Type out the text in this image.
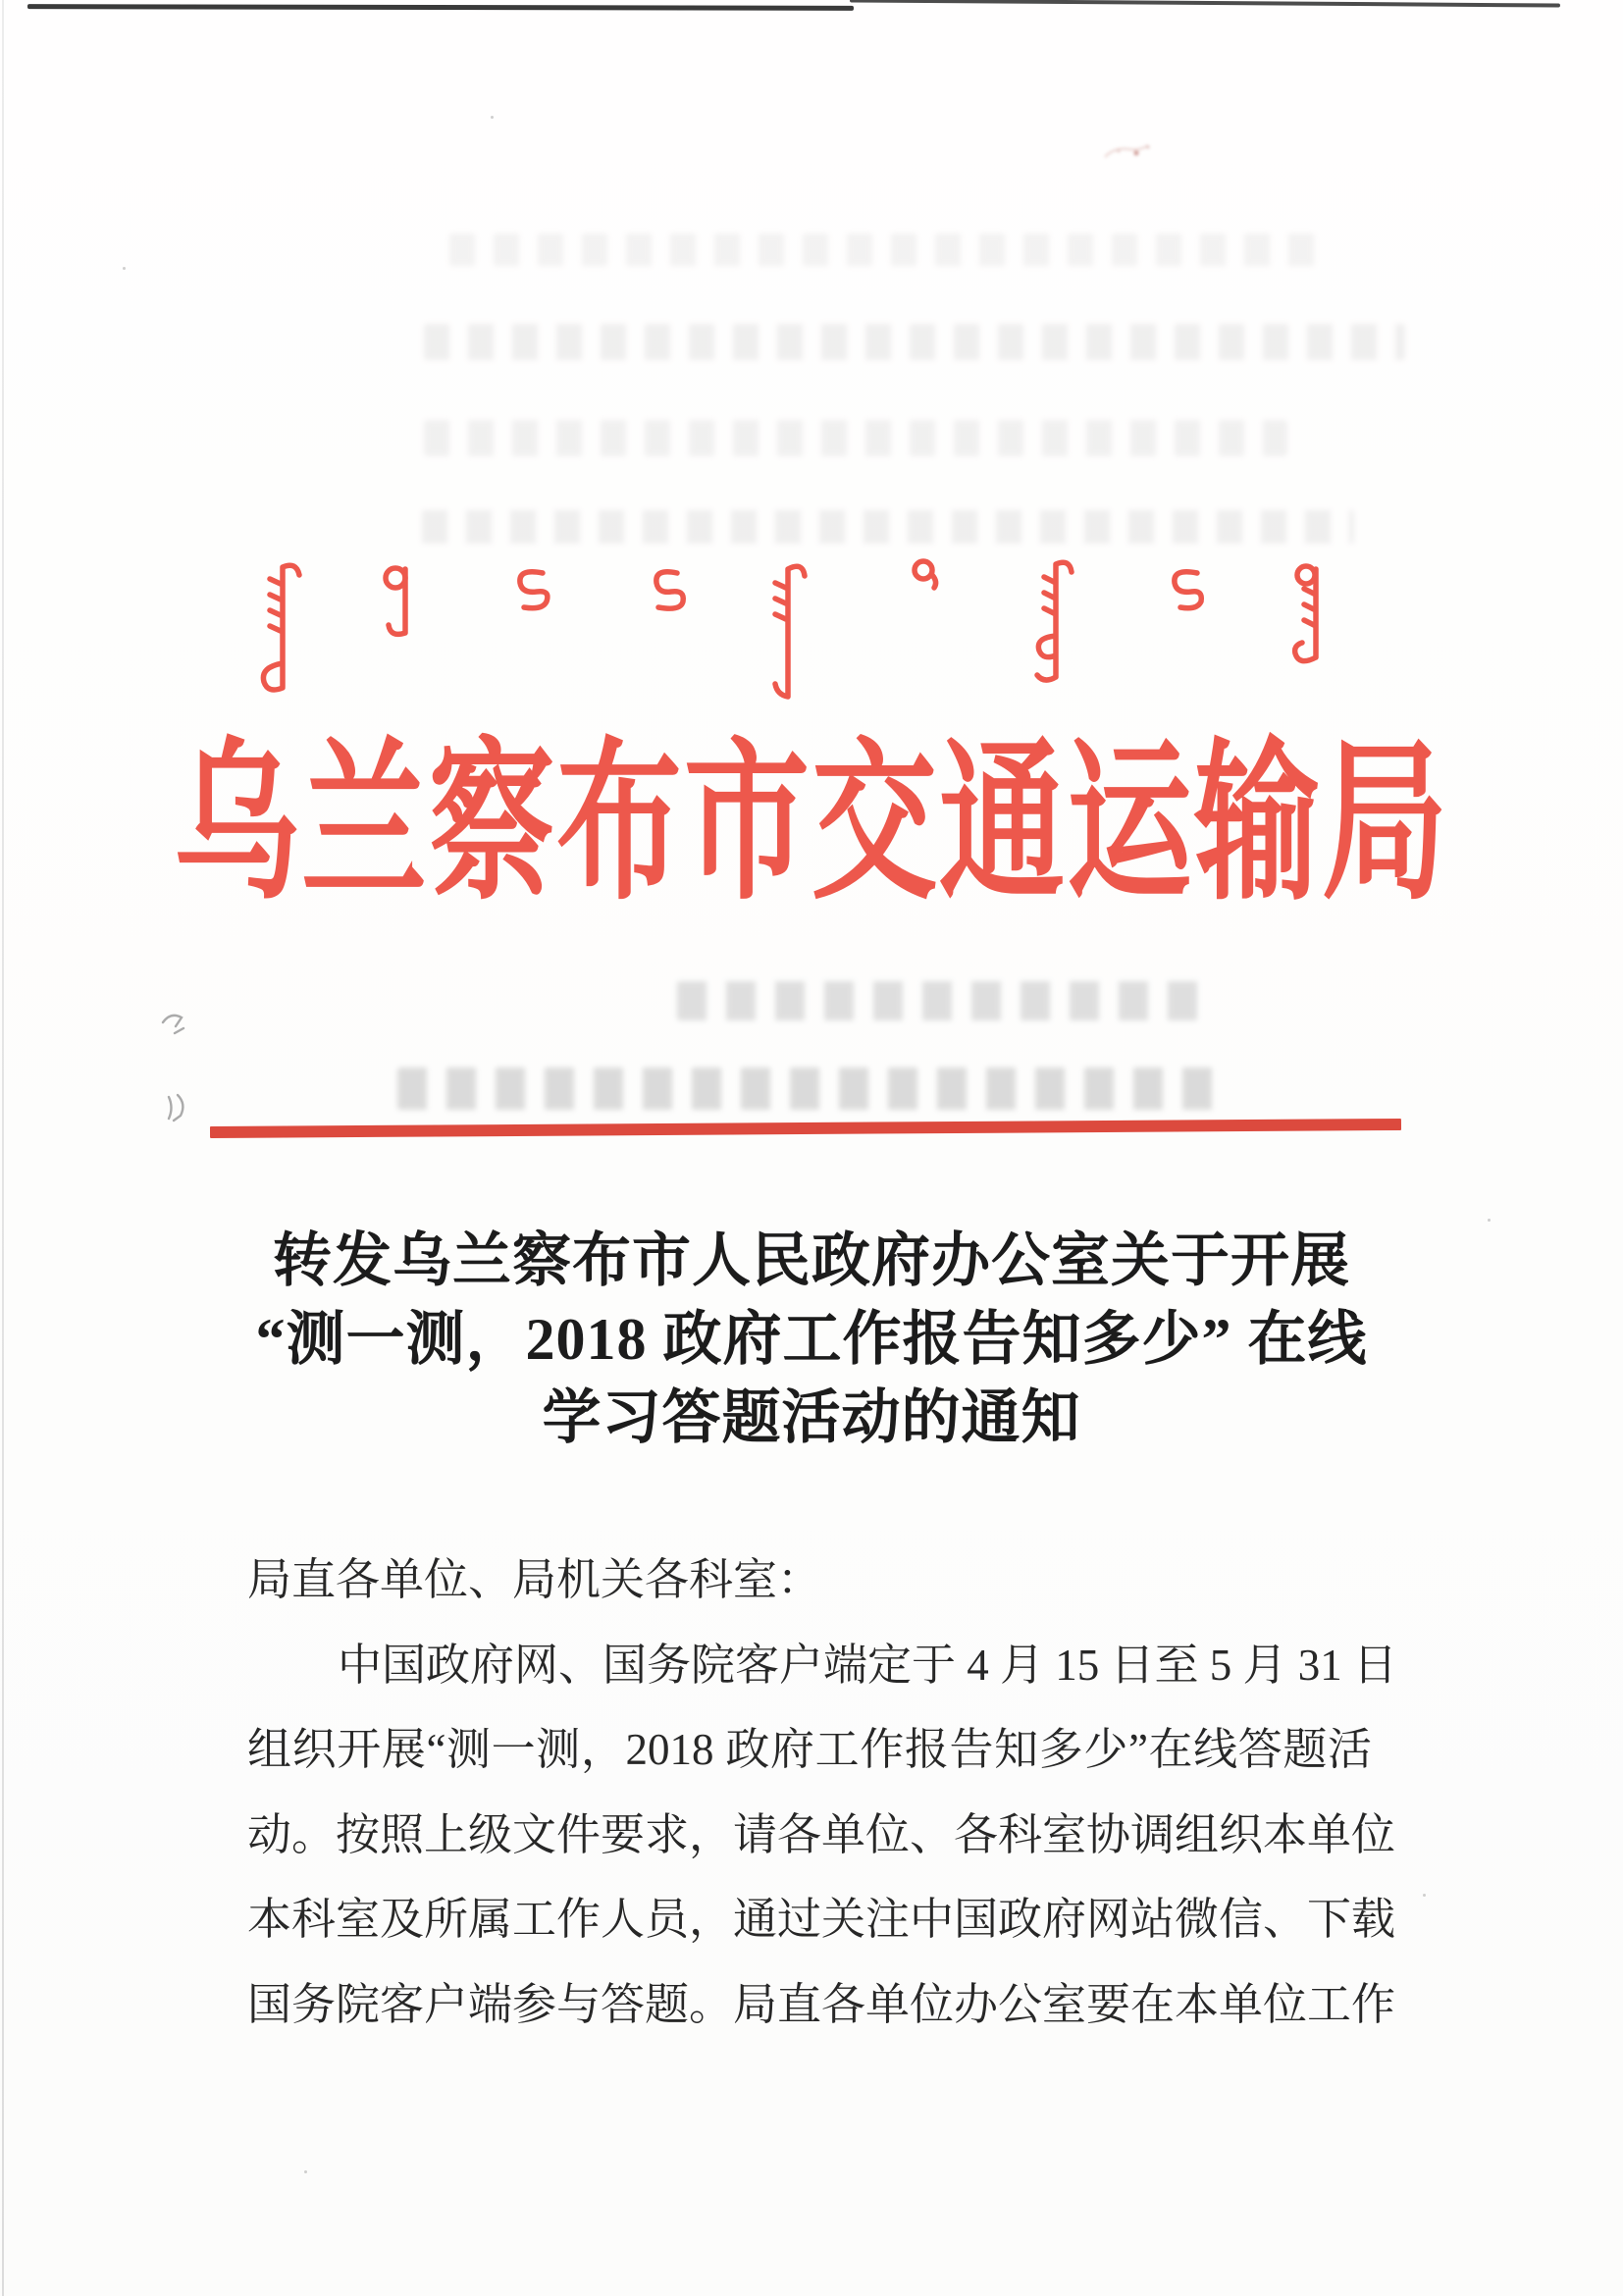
乌兰察布市交通运输局
转发乌兰察布市人民政府办公室关于开展
“测一测，2018 政府工作报告知多少” 在线
学习答题活动的通知
局直各单位、局机关各科室：
中国政府网、国务院客户端定于 4 月 15 日至 5 月 31 日
组织开展“测一测，2018 政府工作报告知多少”在线答题活
动。按照上级文件要求，请各单位、各科室协调组织本单位
本科室及所属工作人员，通过关注中国政府网站微信、下载
国务院客户端参与答题。局直各单位办公室要在本单位工作
